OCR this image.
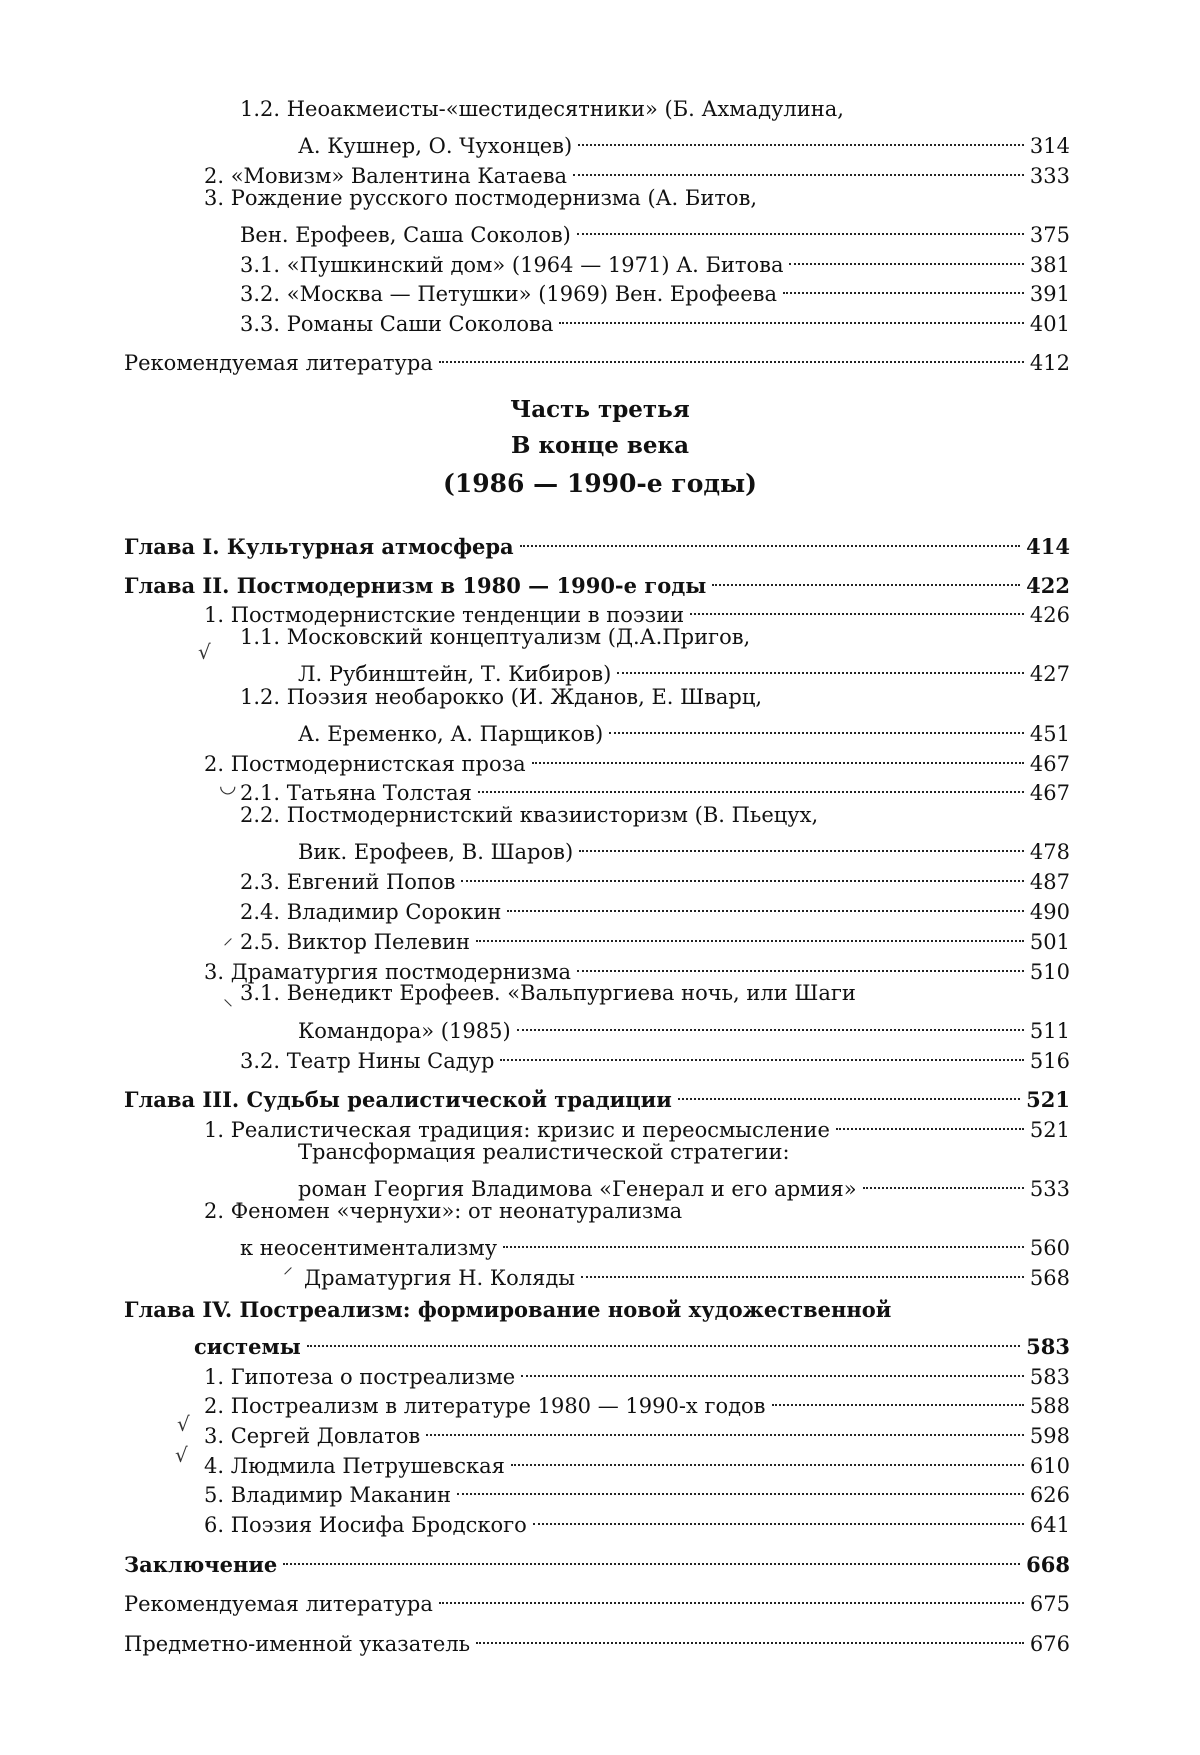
Часть третья
В конце века
(1986 — 1990-е годы)
√
◡
⸝
⸜
⸝
√
√
1.2. Неоакмеисты-«шестидесятники» (Б. Ахмадулина,
А. Кушнер, О. Чухонцев)	314
2. «Мовизм» Валентина Катаева	333
3. Рождение русского постмодернизма (А. Битов,
Вен. Ерофеев, Саша Соколов)	375
3.1. «Пушкинский дом» (1964 — 1971) А. Битова	381
3.2. «Москва — Петушки» (1969) Вен. Ерофеева	391
3.3. Романы Саши Соколова	401
Рекомендуемая литература	412
Глава I. Культурная атмосфера	414
Глава II. Постмодернизм в 1980 — 1990-е годы	422
1. Постмодернистские тенденции в поэзии	426
1.1. Московский концептуализм (Д.А.Пригов,
Л. Рубинштейн, Т. Кибиров)	427
1.2. Поэзия необарокко (И. Жданов, Е. Шварц,
А. Еременко, А. Парщиков)	451
2. Постмодернистская проза	467
2.1. Татьяна Толстая	467
2.2. Постмодернистский квазиисторизм (В. Пьецух,
Вик. Ерофеев, В. Шаров)	478
2.3. Евгений Попов	487
2.4. Владимир Сорокин	490
2.5. Виктор Пелевин	501
3. Драматургия постмодернизма	510
3.1. Венедикт Ерофеев. «Вальпургиева ночь, или Шаги
Командора» (1985)	511
3.2. Театр Нины Садур	516
Глава III. Судьбы реалистической традиции	521
1. Реалистическая традиция: кризис и переосмысление	521
Трансформация реалистической стратегии:
роман Георгия Владимова «Генерал и его армия»	533
2. Феномен «чернухи»: от неонатурализма
к неосентиментализму	560
Драматургия Н. Коляды	568
Глава IV. Постреализм: формирование новой художественной
системы	583
1. Гипотеза о постреализме	583
2. Постреализм в литературе 1980 — 1990-х годов	588
3. Сергей Довлатов	598
4. Людмила Петрушевская	610
5. Владимир Маканин	626
6. Поэзия Иосифа Бродского	641
Заключение	668
Рекомендуемая литература	675
Предметно-именной указатель	676
